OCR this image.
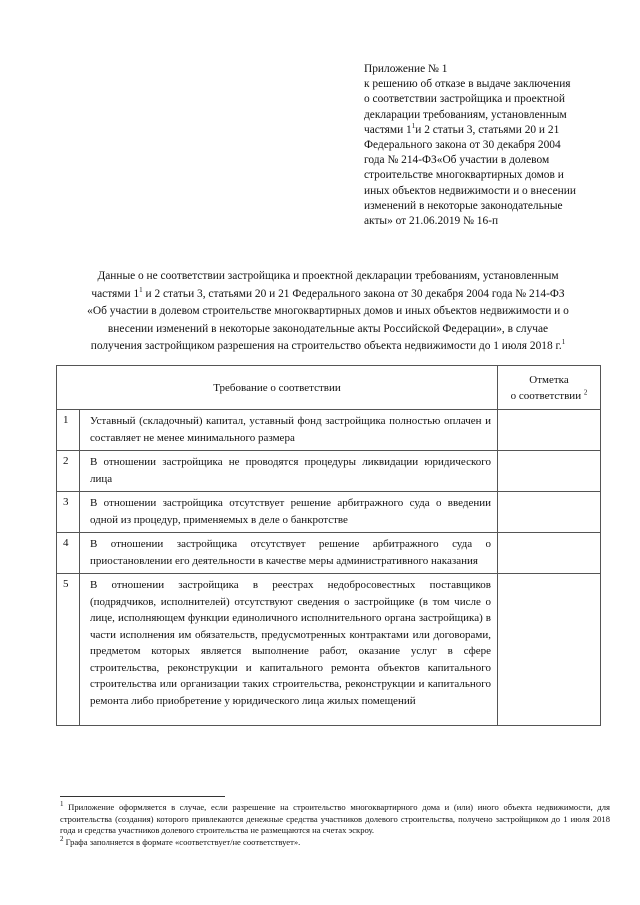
Приложение № 1
к решению об отказе в выдаче заключения
о соответствии застройщика и проектной
декларации требованиям, установленным
частями $1^1и$ 2 статьи 3, статьями 20 и 21
Федерального закона от 30 декабря 2004
года № 214-ФЗ«Об участии в долевом
строительстве многоквартирных домов и
иных объектов недвижимости и о внесении
изменений в некоторые законодательные
акты» от 21.06.2019 № 16-п
Данные о не соответствии застройщика и проектной декларации требованиям, установленным
частями $1^1$ и 2 статьи 3, статьями 20 и 21 Федерального закона от 30 декабря 2004 года № 214-ФЗ
«Об участии в долевом строительстве многоквартирных домов и иных объектов недвижимости и о
внесении изменений в некоторые законодательные акты Российской Федерации», в случае
получения застройщиком разрешения на строительство объекта недвижимости до 1 июля 2018 г.$^1$
Требование о соответствии		Отметка
о соответствии $^2$

1	Уставный (складочный) капитал, уставный фонд застройщика полностью оплачен и составляет не менее минимального размера	
2	В отношении застройщика не проводятся процедуры ликвидации юридического лица	
3	В отношении застройщика отсутствует решение арбитражного суда о введении одной из процедур, применяемых в деле о банкротстве	
4	В отношении застройщика отсутствует решение арбитражного суда о приостановлении его деятельности в качестве меры административного наказания	
5	В отношении застройщика в реестрах недобросовестных поставщиков (подрядчиков, исполнителей) отсутствуют сведения о застройщике (в том числе о лице, исполняющем функции единоличного исполнительного органа застройщика) в части исполнения им обязательств, предусмотренных контрактами или договорами, предметом которых является выполнение работ, оказание услуг в сфере строительства, реконструкции и капитального ремонта объектов капитального строительства или организации таких строительства, реконструкции и капитального ремонта либо приобретение у юридического лица жилых помещений	
$^1$ Приложение оформляется в случае, если разрешение на строительство многоквартирного дома и (или) иного объекта недвижимости, для строительства (создания) которого привлекаются денежные средства участников долевого строительства, получено застройщиком до 1 июля 2018 года и средства участников долевого строительства не размещаются на счетах эскроу.
$^2$ Графа заполняется в формате «соответствует/не соответствует».
